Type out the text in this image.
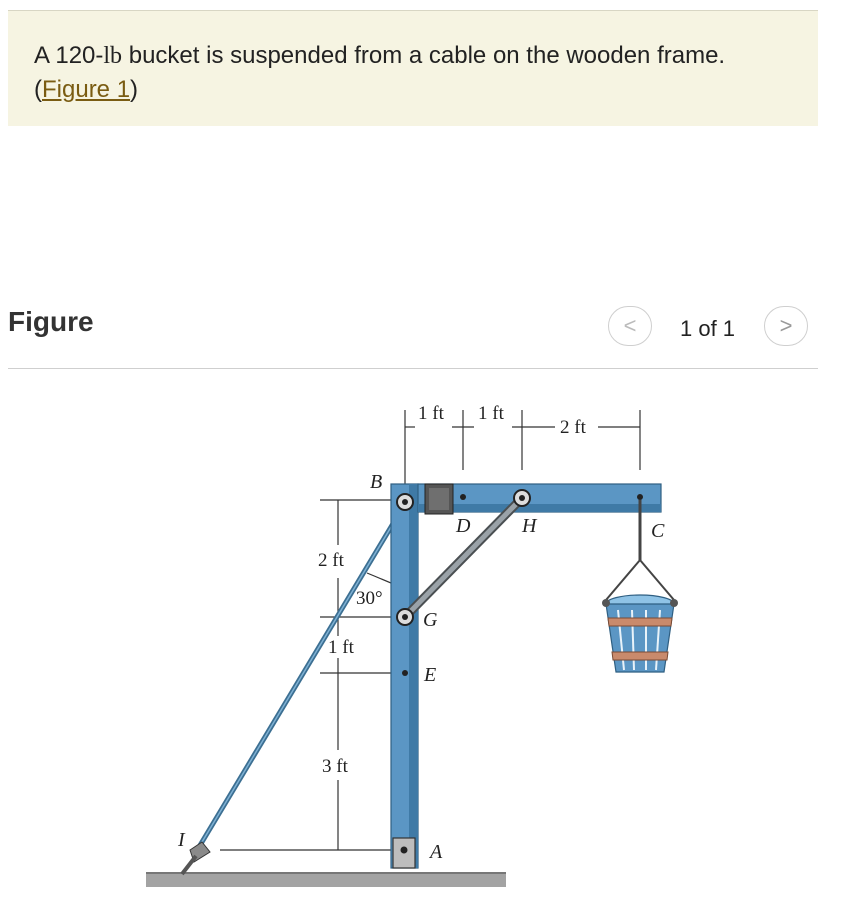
A 120-lb bucket is suspended from a cable on the wooden frame.
(Figure 1)
Figure	<	1 of 1	>
1 ft 1 ft
2 ft
2 ft
1 ft
3 ft
30°
B
D	H	C
G
E
A
I
